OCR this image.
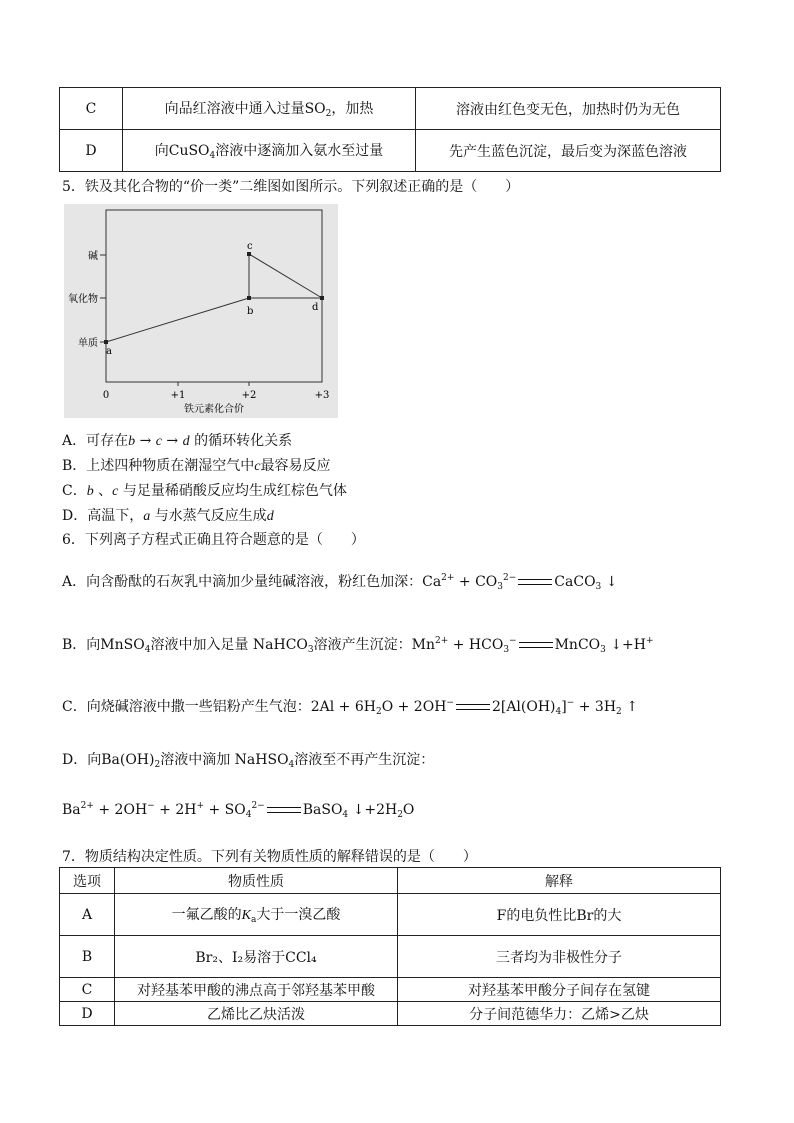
C	向品红溶液中通入过量$SO_2$，加热	溶液由红色变无色，加热时仍为无色
D	向CuSO$_4$溶液中逐滴加入氨水至过量	先产生蓝色沉淀，最后变为深蓝色溶液
5．铁及其化合物的“价一类”二维图如图所示。下列叙述正确的是（　　）
碱
氧化物
单质
0	+1	+2	+3
铁元素化合价
a
b
c
d
A．可存在b → c → d 的循环转化关系
B．上述四种物质在潮湿空气中c最容易反应
C．b 、c 与足量稀硝酸反应均生成红棕色气体
D．高温下，a 与水蒸气反应生成d
6．下列离子方程式正确且符合题意的是（　　）
A．向含酚酞的石灰乳中滴加少量纯碱溶液，粉红色加深：$Ca^{2+} + CO_3^{2-}$	CaCO$_3$ ↓
B．向MnSO$_4$溶液中加入足量 NaHCO$_3$溶液产生沉淀：$Mn^{2+} + HCO_3^-$	MnCO$_3$ ↓+H+
C．向烧碱溶液中撒一些铝粉产生气泡：$2Al + 6H_2O + 2OH^-$	$2[Al(OH)_4]^- + 3H_2$ ↑
D．向$Ba(OH)_2$溶液中滴加 NaHSO$_4$溶液至不再产生沉淀：
$Ba^{2+} + 2OH^- + 2H^+ + SO_4^{2-}$	BaSO$_4$ $↓+2H_2O$
7．物质结构决定性质。下列有关物质性质的解释错误的是（　　）
选项	物质性质	解释
A	一氟乙酸的$K_a$大于一溴乙酸	F的电负性比Br的大
B	Br₂、I₂易溶于CCl₄	三者均为非极性分子
C	对羟基苯甲酸的沸点高于邻羟基苯甲酸	对羟基苯甲酸分子间存在氢键
D	乙烯比乙炔活泼	分子间范德华力：乙烯>乙炔
